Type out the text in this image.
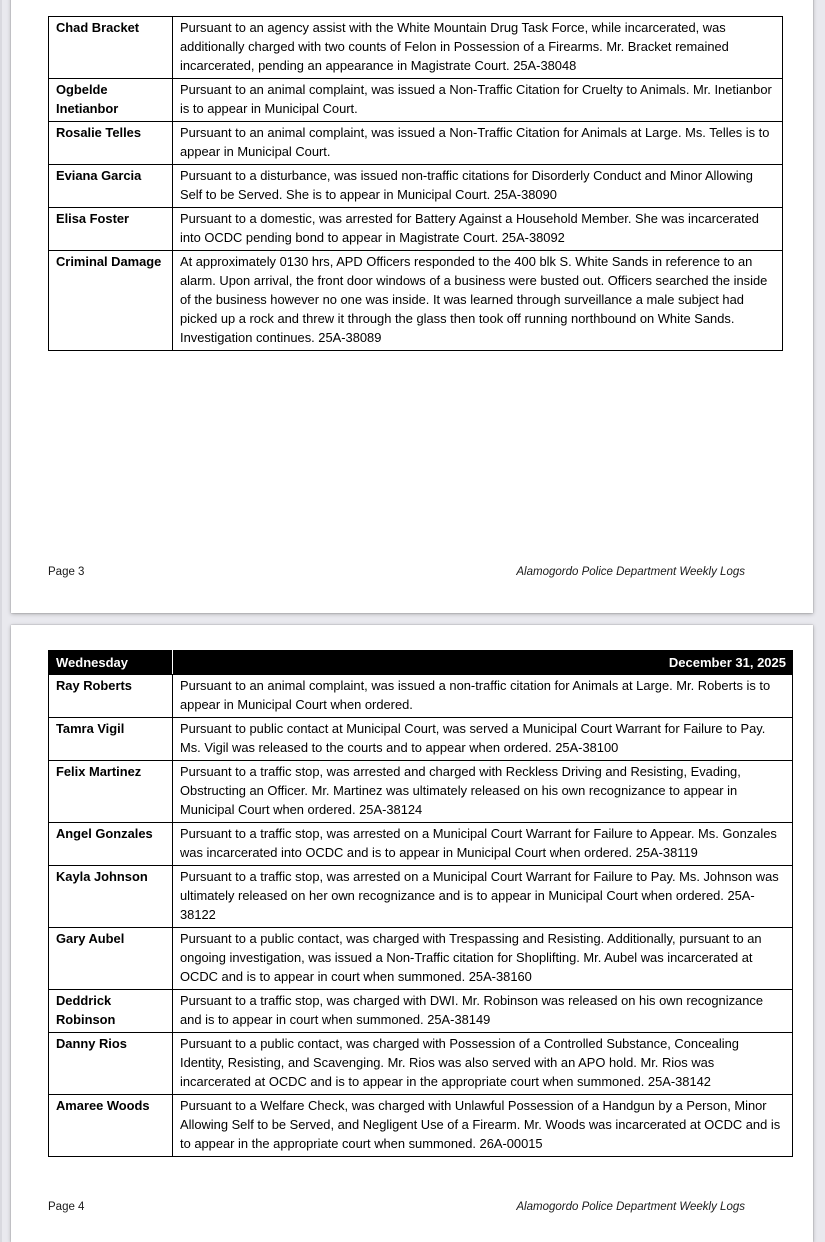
Chad Bracket	Pursuant to an agency assist with the White Mountain Drug Task Force, while incarcerated, was additionally charged with two counts of Felon in Possession of a Firearms. Mr. Bracket remained incarcerated, pending an appearance in Magistrate Court. 25A-38048
Ogbelde Inetianbor	Pursuant to an animal complaint, was issued a Non-Traffic Citation for Cruelty to Animals. Mr. Inetianbor is to appear in Municipal Court.
Rosalie Telles	Pursuant to an animal complaint, was issued a Non-Traffic Citation for Animals at Large. Ms. Telles is to appear in Municipal Court.
Eviana Garcia	Pursuant to a disturbance, was issued non-traffic citations for Disorderly Conduct and Minor Allowing Self to be Served. She is to appear in Municipal Court. 25A-38090
Elisa Foster	Pursuant to a domestic, was arrested for Battery Against a Household Member. She was incarcerated into OCDC pending bond to appear in Magistrate Court. 25A-38092
Criminal Damage	At approximately 0130 hrs, APD Officers responded to the 400 blk S. White Sands in reference to an alarm. Upon arrival, the front door windows of a business were busted out. Officers searched the inside of the business however no one was inside. It was learned through surveillance a male subject had picked up a rock and threw it through the glass then took off running northbound on White Sands. Investigation continues. 25A-38089
Page 3	Alamogordo Police Department Weekly Logs
Wednesday	December 31, 2025
Ray Roberts	Pursuant to an animal complaint, was issued a non-traffic citation for Animals at Large. Mr. Roberts is to appear in Municipal Court when ordered.
Tamra Vigil	Pursuant to public contact at Municipal Court, was served a Municipal Court Warrant for Failure to Pay. Ms. Vigil was released to the courts and to appear when ordered. 25A-38100
Felix Martinez	Pursuant to a traffic stop, was arrested and charged with Reckless Driving and Resisting, Evading, Obstructing an Officer. Mr. Martinez was ultimately released on his own recognizance to appear in Municipal Court when ordered. 25A-38124
Angel Gonzales	Pursuant to a traffic stop, was arrested on a Municipal Court Warrant for Failure to Appear. Ms. Gonzales was incarcerated into OCDC and is to appear in Municipal Court when ordered. 25A-38119
Kayla Johnson	Pursuant to a traffic stop, was arrested on a Municipal Court Warrant for Failure to Pay. Ms. Johnson was ultimately released on her own recognizance and is to appear in Municipal Court when ordered. 25A-38122
Gary Aubel	Pursuant to a public contact, was charged with Trespassing and Resisting. Additionally, pursuant to an ongoing investigation, was issued a Non-Traffic citation for Shoplifting. Mr. Aubel was incarcerated at OCDC and is to appear in court when summoned. 25A-38160
Deddrick Robinson	Pursuant to a traffic stop, was charged with DWI. Mr. Robinson was released on his own recognizance and is to appear in court when summoned. 25A-38149
Danny Rios	Pursuant to a public contact, was charged with Possession of a Controlled Substance, Concealing Identity, Resisting, and Scavenging. Mr. Rios was also served with an APO hold. Mr. Rios was incarcerated at OCDC and is to appear in the appropriate court when summoned. 25A-38142
Amaree Woods	Pursuant to a Welfare Check, was charged with Unlawful Possession of a Handgun by a Person, Minor Allowing Self to be Served, and Negligent Use of a Firearm. Mr. Woods was incarcerated at OCDC and is to appear in the appropriate court when summoned. 26A-00015
Page 4	Alamogordo Police Department Weekly Logs
